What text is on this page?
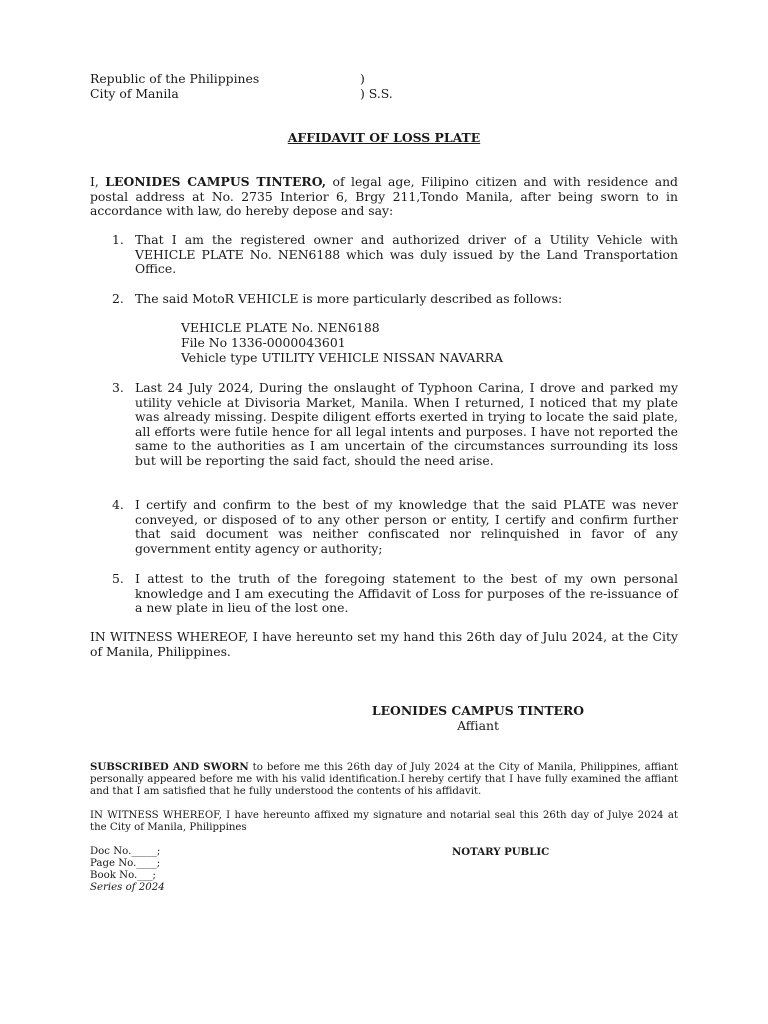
Republic of the Philippines	)
City of Manila	) S.S.
AFFIDAVIT OF LOSS PLATE
I, LEONIDES CAMPUS TINTERO, of legal age, Filipino citizen and with residence and postal address at No. 2735 Interior 6, Brgy 211,Tondo Manila, after being sworn to in accordance with law, do hereby depose and say:
1. That I am the registered owner and authorized driver of a Utility Vehicle with VEHICLE PLATE No. NEN6188 which was duly issued by the Land Transportation Office.
2. The said MotoR VEHICLE is more particularly described as follows:
VEHICLE PLATE No. NEN6188
File No 1336-0000043601
Vehicle type UTILITY VEHICLE NISSAN NAVARRA
3. Last 24 July 2024, During the onslaught of Typhoon Carina, I drove and parked my utility vehicle at Divisoria Market, Manila. When I returned, I noticed that my plate was already missing. Despite diligent efforts exerted in trying to locate the said plate, all efforts were futile hence for all legal intents and purposes. I have not reported the same to the authorities as I am uncertain of the circumstances surrounding its loss but will be reporting the said fact, should the need arise.
4. I certify and confirm to the best of my knowledge that the said PLATE was never conveyed, or disposed of to any other person or entity, I certify and confirm further that said document was neither confiscated nor relinquished in favor of any government entity agency or authority;
5. I attest to the truth of the foregoing statement to the best of my own personal knowledge and I am executing the Affidavit of Loss for purposes of the re-issuance of a new plate in lieu of the lost one.
IN WITNESS WHEREOF, I have hereunto set my hand this 26th day of Julu 2024, at the City of Manila, Philippines.
LEONIDES CAMPUS TINTERO
Affiant
SUBSCRIBED AND SWORN to before me this 26th day of July 2024 at the City of Manila, Philippines, affiant personally appeared before me with his valid identification.I hereby certify that I have fully examined the affiant and that I am satisfied that he fully understood the contents of his affidavit.
IN WITNESS WHEREOF, I have hereunto affixed my signature and notarial seal this 26th day of Julye 2024 at the City of Manila, Philippines
Doc No._____;
Page No.____;
Book No.___;
Series of 2024
NOTARY PUBLIC
